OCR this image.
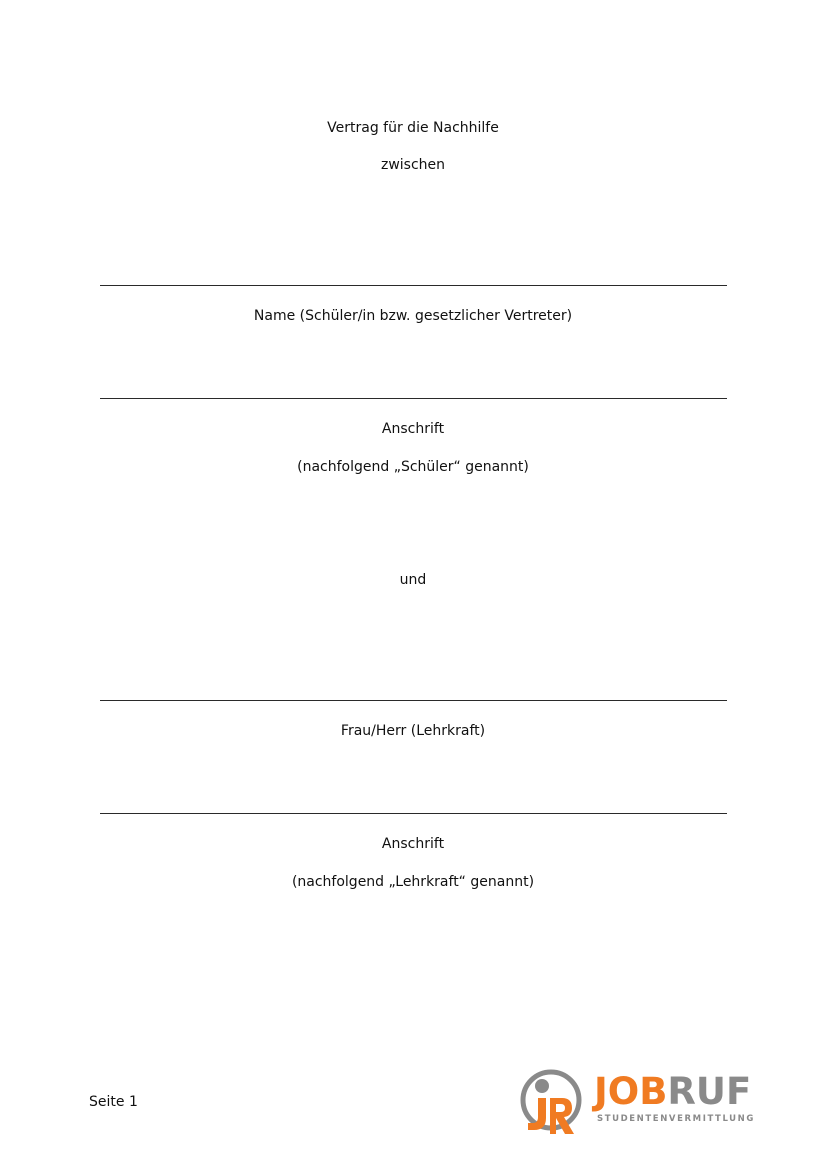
Vertrag für die Nachhilfe
zwischen
Name (Schüler/in bzw. gesetzlicher Vertreter)
Anschrift
(nachfolgend „Schüler“ genannt)
und
Frau/Herr (Lehrkraft)
Anschrift
(nachfolgend „Lehrkraft“ genannt)
Seite 1	JOBRUF
STUDENTENVERMITTLUNG
